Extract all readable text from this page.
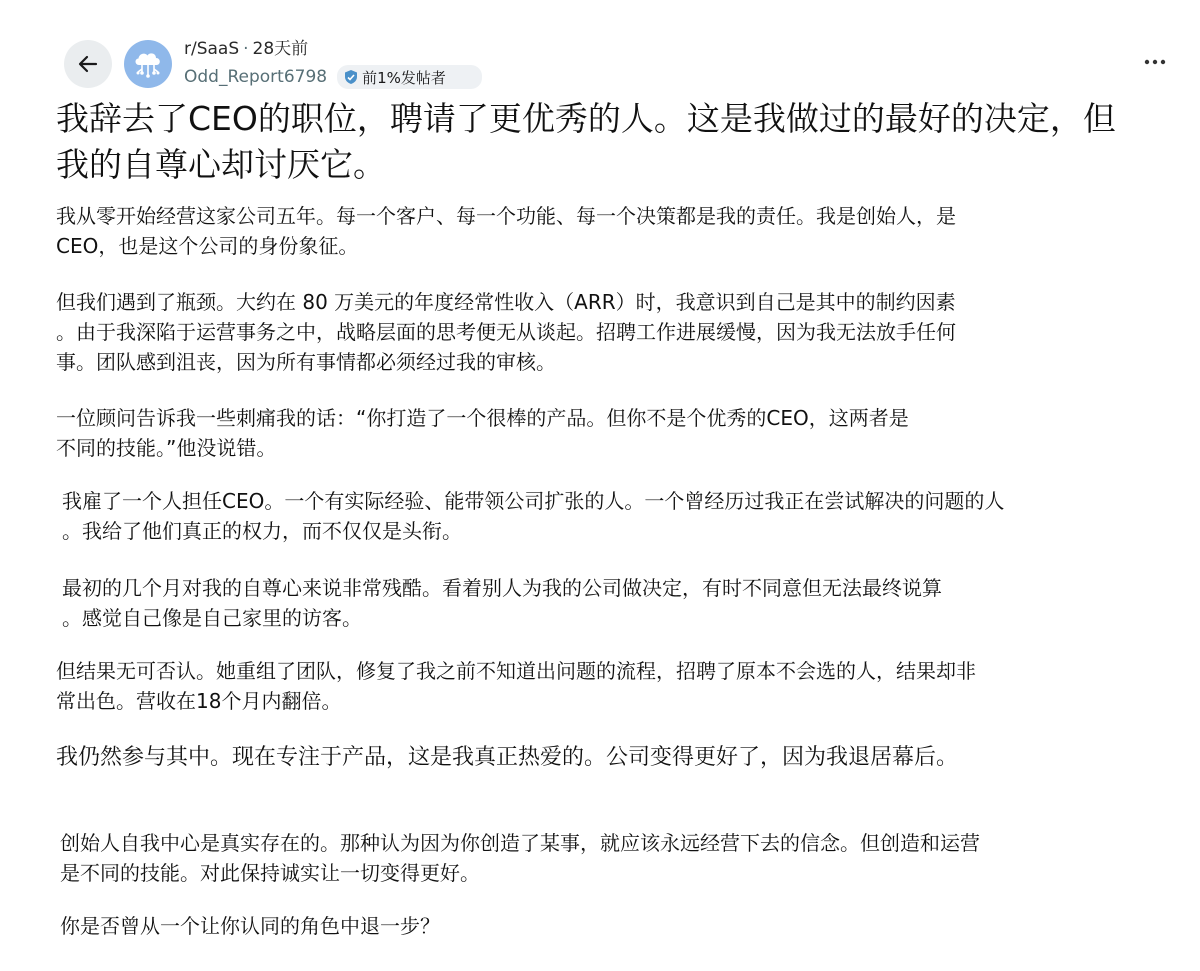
r/SaaS · 28天前
Odd_Report6798 前1%发帖者
我辞去了CEO的职位，聘请了更优秀的人。这是我做过的最好的决定，但我的自尊心却讨厌它。

我从零开始经营这家公司五年。每一个客户、每一个功能、每一个决策都是我的责任。我是创始人，是
CEO，也是这个公司的身份象征。

但我们遇到了瓶颈。大约在 80 万美元的年度经常性收入（ARR）时，我意识到自己是其中的制约因素
。由于我深陷于运营事务之中，战略层面的思考便无从谈起。招聘工作进展缓慢，因为我无法放手任何
事。团队感到沮丧，因为所有事情都必须经过我的审核。

一位顾问告诉我一些刺痛我的话：“你打造了一个很棒的产品。但你不是个优秀的CEO，这两者是
不同的技能。”他没说错。

我雇了一个人担任CEO。一个有实际经验、能带领公司扩张的人。一个曾经历过我正在尝试解决的问题的人
。我给了他们真正的权力，而不仅仅是头衔。

最初的几个月对我的自尊心来说非常残酷。看着别人为我的公司做决定，有时不同意但无法最终说算
。感觉自己像是自己家里的访客。

但结果无可否认。她重组了团队，修复了我之前不知道出问题的流程，招聘了原本不会选的人，结果却非
常出色。营收在18个月内翻倍。

我仍然参与其中。现在专注于产品，这是我真正热爱的。公司变得更好了，因为我退居幕后。

创始人自我中心是真实存在的。那种认为因为你创造了某事，就应该永远经营下去的信念。但创造和运营
是不同的技能。对此保持诚实让一切变得更好。

你是否曾从一个让你认同的角色中退一步？
